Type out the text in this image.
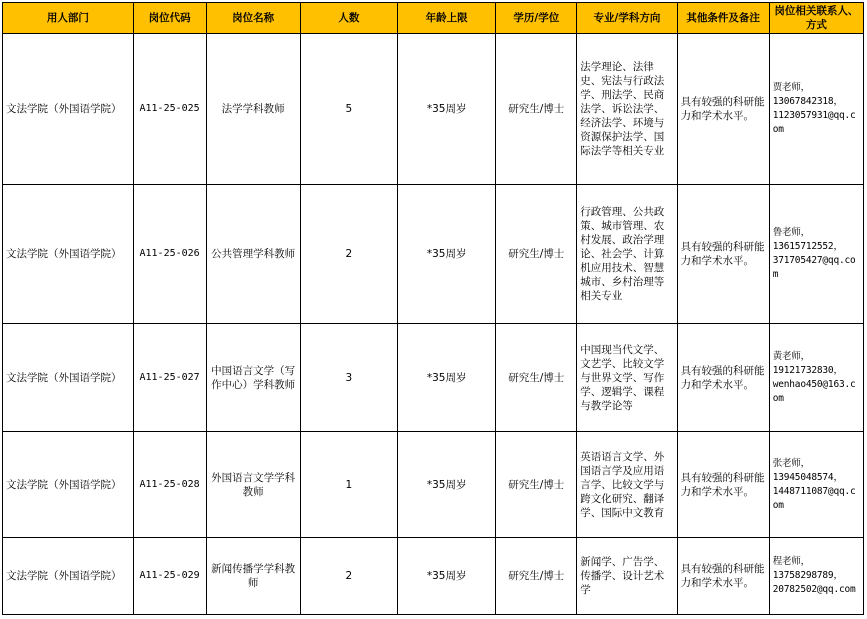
用人部门	岗位代码	岗位名称	人数	年龄上限	学历/学位	专业/学科方向	其他条件及备注	岗位相关联系人、方式
文法学院（外国语学院）	A11-25-025	法学学科教师	5	*35周岁	研究生/博士	法学理论、法律史、宪法与行政法学、刑法学、民商法学、诉讼法学、经济法学、环境与资源保护法学、国际法学等相关专业	具有较强的科研能力和学术水平。	贾老师，
13067842318，
1123057931@qq.com
文法学院（外国语学院）	A11-25-026	公共管理学科教师	2	*35周岁	研究生/博士	行政管理、公共政策、城市管理、农村发展、政治学理论、社会学、计算机应用技术、智慧城市、乡村治理等相关专业	具有较强的科研能力和学术水平。	鲁老师，
13615712552，
371705427@qq.com
文法学院（外国语学院）	A11-25-027	中国语言文学（写作中心）学科教师	3	*35周岁	研究生/博士	中国现当代文学、文艺学、比较文学与世界文学、写作学、逻辑学、课程与教学论等	具有较强的科研能力和学术水平。	黄老师，
19121732830，
wenhao450@163.com
文法学院（外国语学院）	A11-25-028	外国语言文学学科教师	1	*35周岁	研究生/博士	英语语言文学、外国语言学及应用语言学、比较文学与跨文化研究、翻译学、国际中文教育	具有较强的科研能力和学术水平。	张老师，
13945048574，
1448711087@qq.com
文法学院（外国语学院）	A11-25-029	新闻传播学学科教师	2	*35周岁	研究生/博士	新闻学、广告学、传播学、设计艺术学	具有较强的科研能力和学术水平。	程老师，
13758298789，
20782502@qq.com
